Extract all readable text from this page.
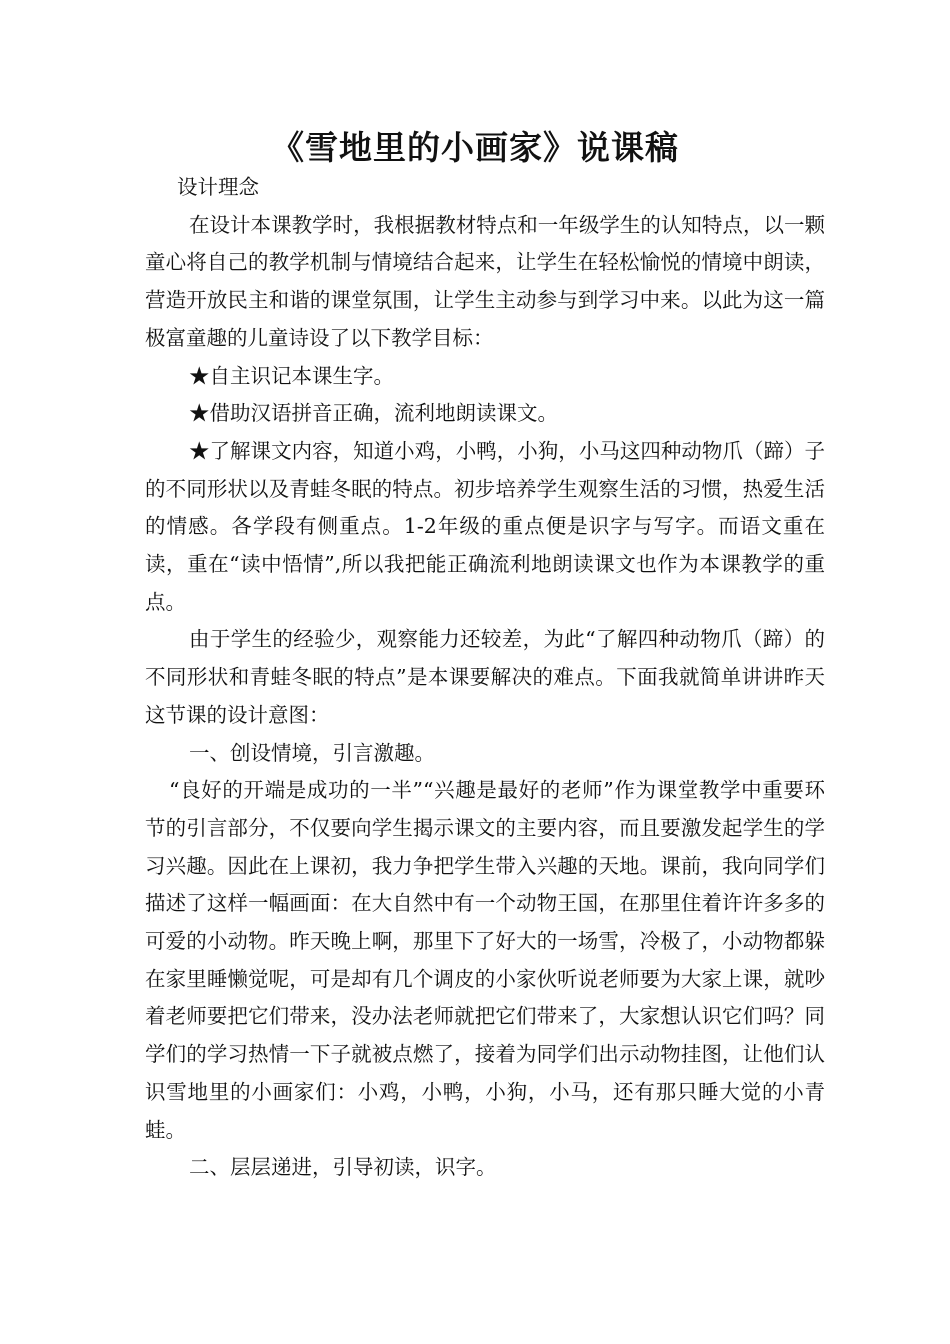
《雪地里的小画家》说课稿

设计理念

在设计本课教学时，我根据教材特点和一年级学生的认知特点，以一颗童心将自己的教学机制与情境结合起来，让学生在轻松愉悦的情境中朗读，营造开放民主和谐的课堂氛围，让学生主动参与到学习中来。以此为这一篇极富童趣的儿童诗设了以下教学目标：

★自主识记本课生字。

★借助汉语拼音正确，流利地朗读课文。

★了解课文内容，知道小鸡，小鸭，小狗，小马这四种动物爪（蹄）子的不同形状以及青蛙冬眠的特点。初步培养学生观察生活的习惯，热爱生活的情感。各学段有侧重点。1-2年级的重点便是识字与写字。而语文重在读，重在“读中悟情”,所以我把能正确流利地朗读课文也作为本课教学的重点。

由于学生的经验少，观察能力还较差，为此“了解四种动物爪（蹄）的不同形状和青蛙冬眠的特点”是本课要解决的难点。下面我就简单讲讲昨天这节课的设计意图：

一、创设情境，引言激趣。

“良好的开端是成功的一半”“兴趣是最好的老师”作为课堂教学中重要环节的引言部分，不仅要向学生揭示课文的主要内容，而且要激发起学生的学习兴趣。因此在上课初，我力争把学生带入兴趣的天地。课前，我向同学们描述了这样一幅画面：在大自然中有一个动物王国，在那里住着许许多多的可爱的小动物。昨天晚上啊，那里下了好大的一场雪，冷极了，小动物都躲在家里睡懒觉呢，可是却有几个调皮的小家伙听说老师要为大家上课，就吵着老师要把它们带来，没办法老师就把它们带来了，大家想认识它们吗？同学们的学习热情一下子就被点燃了，接着为同学们出示动物挂图，让他们认识雪地里的小画家们：小鸡，小鸭，小狗，小马，还有那只睡大觉的小青蛙。

二、层层递进，引导初读，识字。
